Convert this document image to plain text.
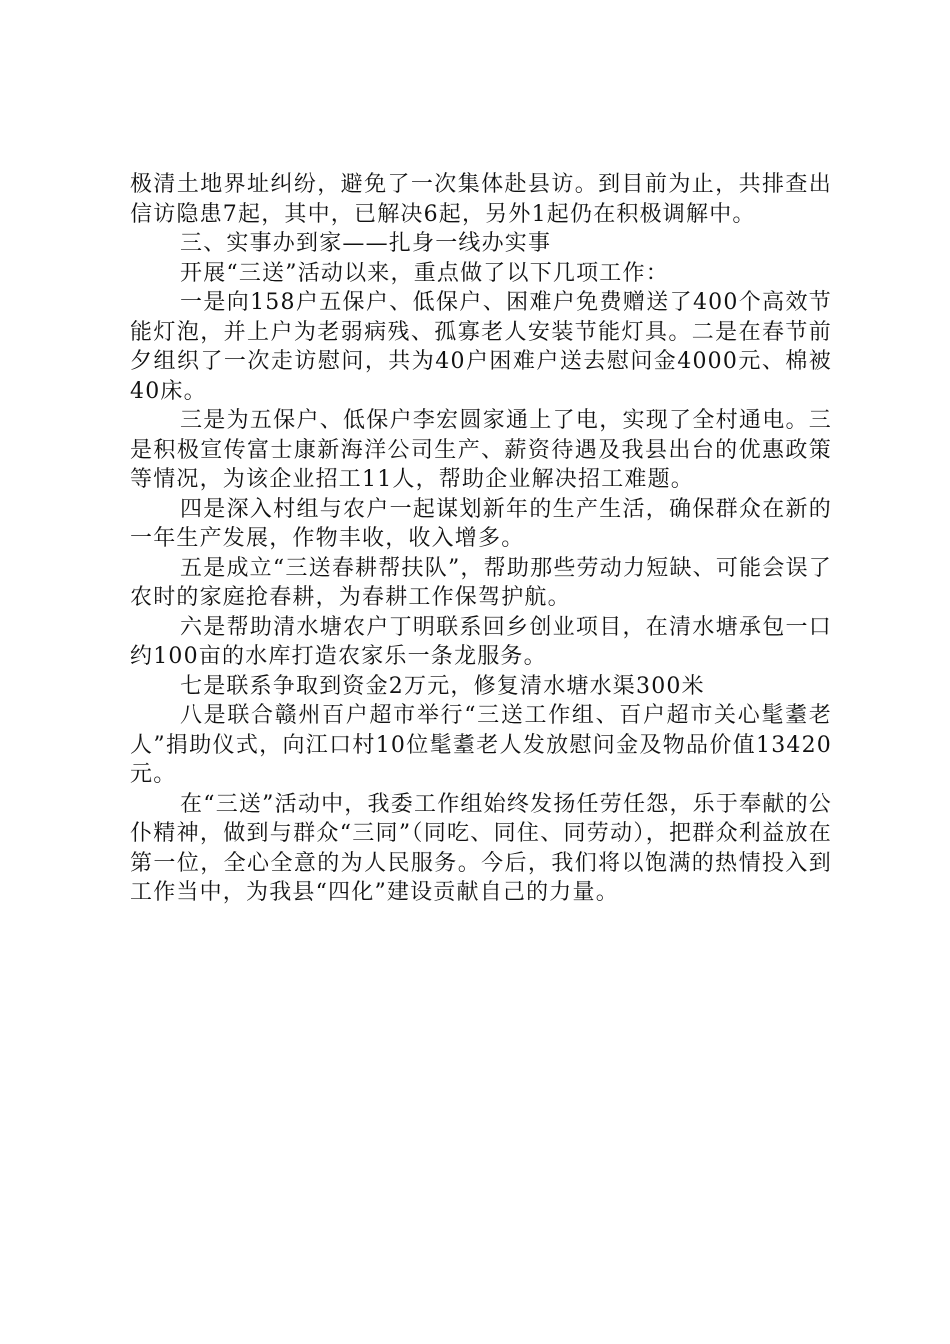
极清土地界址纠纷，避免了一次集体赴县访。到目前为止，共排查出信访隐患7起，其中，已解决6起，另外1起仍在积极调解中。

三、实事办到家——扎身一线办实事

开展“三送”活动以来，重点做了以下几项工作：

一是向158户五保户、低保户、困难户免费赠送了400个高效节能灯泡，并上户为老弱病残、孤寡老人安装节能灯具。二是在春节前夕组织了一次走访慰问，共为40户困难户送去慰问金4000元、棉被40床。

三是为五保户、低保户李宏圆家通上了电，实现了全村通电。三是积极宣传富士康新海洋公司生产、薪资待遇及我县出台的优惠政策等情况，为该企业招工11人，帮助企业解决招工难题。

四是深入村组与农户一起谋划新年的生产生活，确保群众在新的一年生产发展，作物丰收，收入增多。

五是成立“三送春耕帮扶队”，帮助那些劳动力短缺、可能会误了农时的家庭抢春耕，为春耕工作保驾护航。

六是帮助清水塘农户丁明联系回乡创业项目，在清水塘承包一口约100亩的水库打造农家乐一条龙服务。

七是联系争取到资金2万元，修复清水塘水渠300米

八是联合赣州百户超市举行“三送工作组、百户超市关心髦耋老人”捐助仪式，向江口村10位髦耋老人发放慰问金及物品价值13420元。

在“三送”活动中，我委工作组始终发扬任劳任怨，乐于奉献的公仆精神，做到与群众“三同”（同吃、同住、同劳动），把群众利益放在第一位，全心全意的为人民服务。今后，我们将以饱满的热情投入到工作当中，为我县“四化”建设贡献自己的力量。
